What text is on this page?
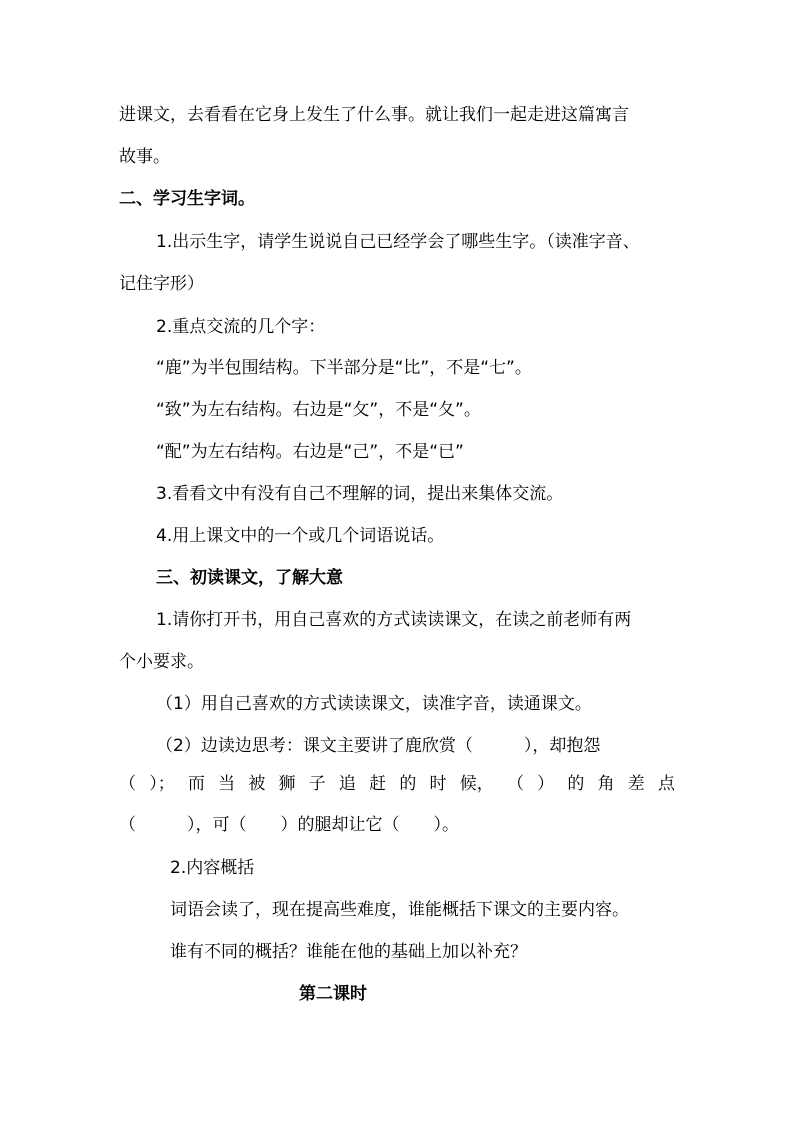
进课文，去看看在它身上发生了什么事。就让我们一起走进这篇寓言
故事。
二、学习生字词。
1.出示生字，请学生说说自己已经学会了哪些生字。（读准字音、
记住字形）
2.重点交流的几个字：
“鹿”为半包围结构。下半部分是“比”，不是“七”。
“致”为左右结构。右边是“攵”，不是“夂”。
“配”为左右结构。右边是“己”，不是“已”
3.看看文中有没有自己不理解的词，提出来集体交流。
4.用上课文中的一个或几个词语说话。
三、初读课文，了解大意
1.请你打开书，用自己喜欢的方式读读课文，在读之前老师有两
个小要求。
（1）用自己喜欢的方式读读课文，读准字音，读通课文。
（2）边读边思考：课文主要讲了鹿欣赏（　　　），却抱怨
（ ）； 而 当 被 狮 子 追 赶 的 时 候， （ ） 的 角 差 点
（　　　），可（　　）的腿却让它（　　）。
2.内容概括
词语会读了，现在提高些难度，谁能概括下课文的主要内容。
谁有不同的概括？谁能在他的基础上加以补充？
第二课时
